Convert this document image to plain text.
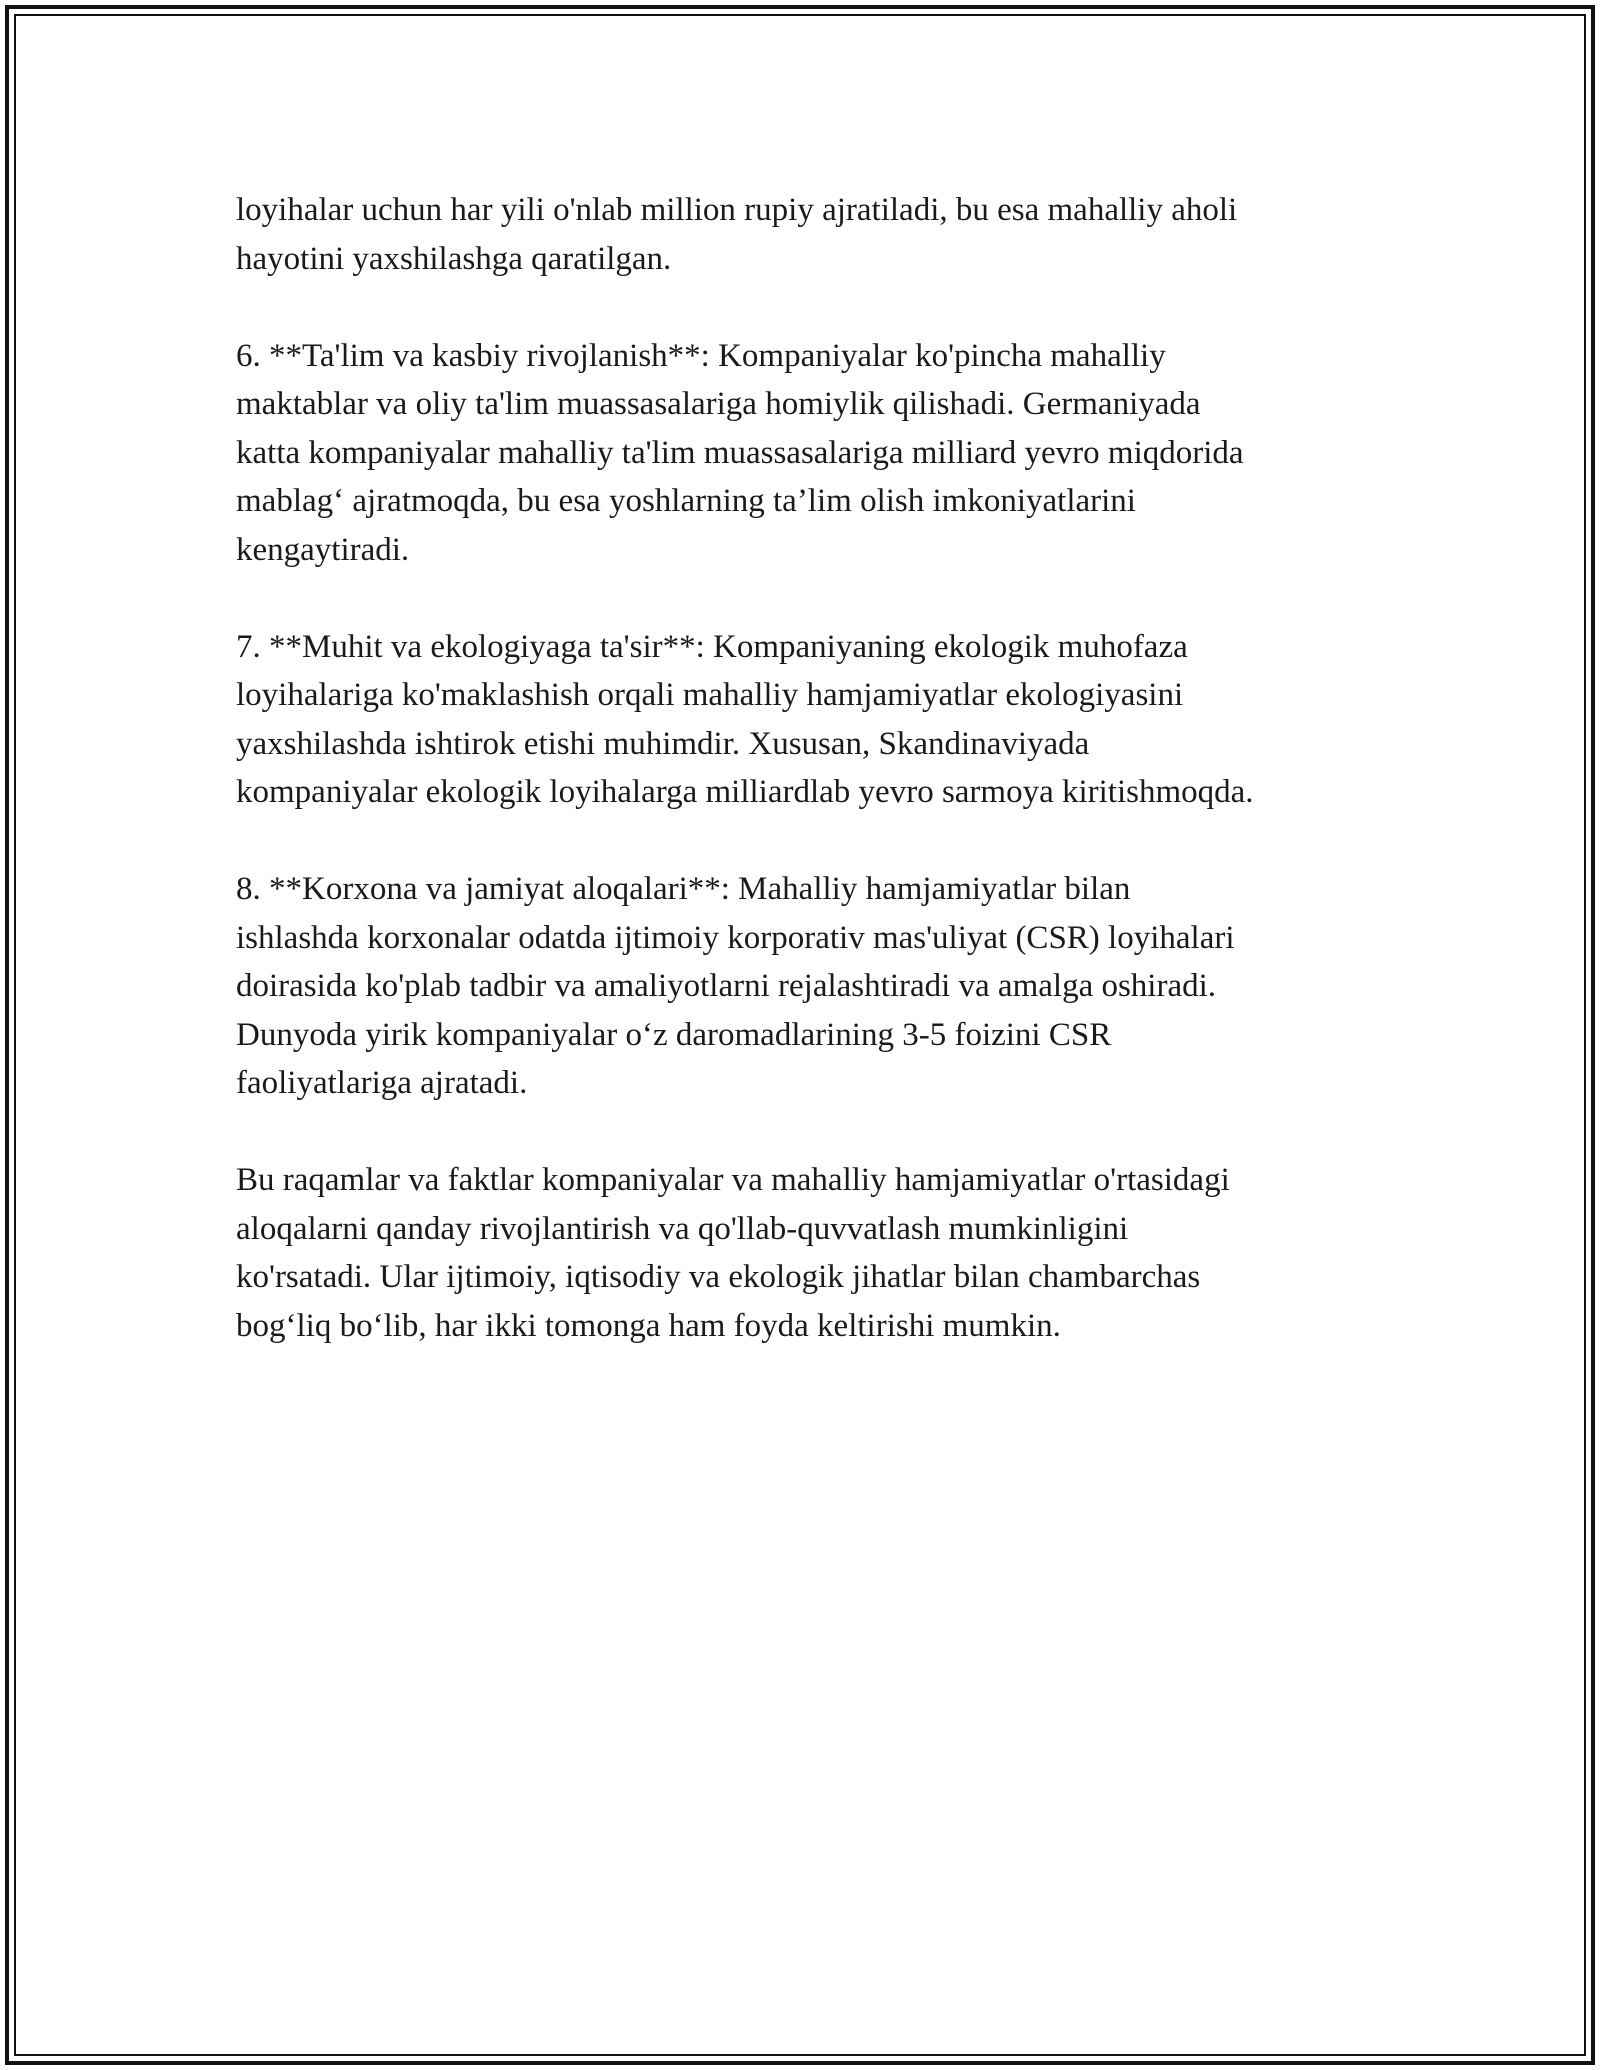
loyihalar uchun har yili o'nlab million rupiy ajratiladi, bu esa mahalliy aholi
hayotini yaxshilashga qaratilgan.

6. **Ta'lim va kasbiy rivojlanish**: Kompaniyalar ko'pincha mahalliy
maktablar va oliy ta'lim muassasalariga homiylik qilishadi. Germaniyada
katta kompaniyalar mahalliy ta'lim muassasalariga milliard yevro miqdorida
mablag‘ ajratmoqda, bu esa yoshlarning ta’lim olish imkoniyatlarini
kengaytiradi.

7. **Muhit va ekologiyaga ta'sir**: Kompaniyaning ekologik muhofaza
loyihalariga ko'maklashish orqali mahalliy hamjamiyatlar ekologiyasini
yaxshilashda ishtirok etishi muhimdir. Xususan, Skandinaviyada
kompaniyalar ekologik loyihalarga milliardlab yevro sarmoya kiritishmoqda.

8. **Korxona va jamiyat aloqalari**: Mahalliy hamjamiyatlar bilan
ishlashda korxonalar odatda ijtimoiy korporativ mas'uliyat (CSR) loyihalari
doirasida ko'plab tadbir va amaliyotlarni rejalashtiradi va amalga oshiradi.
Dunyoda yirik kompaniyalar o‘z daromadlarining 3-5 foizini CSR
faoliyatlariga ajratadi.

Bu raqamlar va faktlar kompaniyalar va mahalliy hamjamiyatlar o'rtasidagi
aloqalarni qanday rivojlantirish va qo'llab-quvvatlash mumkinligini
ko'rsatadi. Ular ijtimoiy, iqtisodiy va ekologik jihatlar bilan chambarchas
bog‘liq bo‘lib, har ikki tomonga ham foyda keltirishi mumkin.
